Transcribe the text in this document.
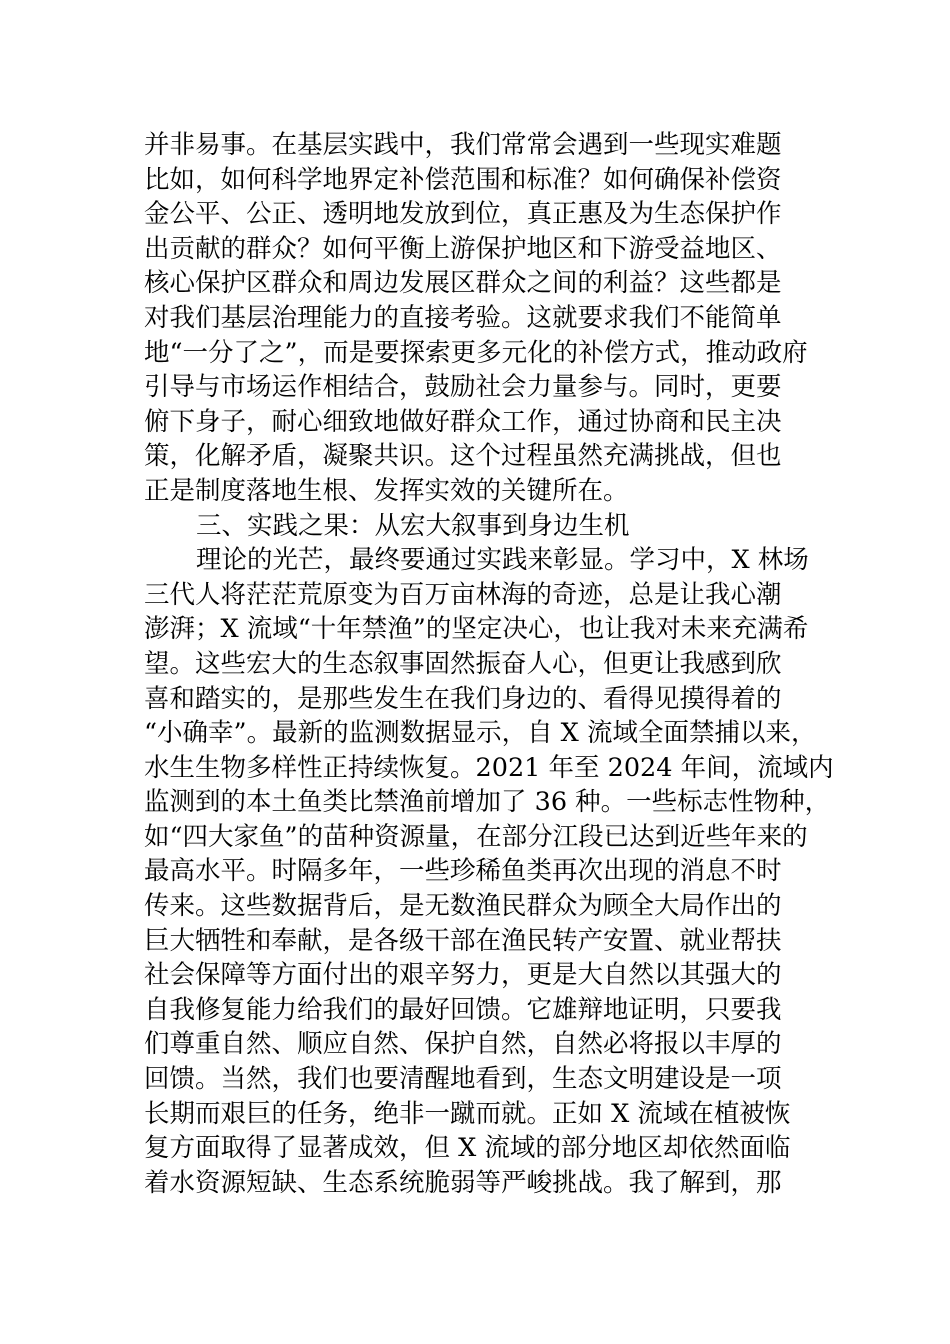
并非易事。在基层实践中，我们常常会遇到一些现实难题
比如，如何科学地界定补偿范围和标准？如何确保补偿资
金公平、公正、透明地发放到位，真正惠及为生态保护作
出贡献的群众？如何平衡上游保护地区和下游受益地区、
核心保护区群众和周边发展区群众之间的利益？这些都是
对我们基层治理能力的直接考验。这就要求我们不能简单
地“一分了之”，而是要探索更多元化的补偿方式，推动政府
引导与市场运作相结合，鼓励社会力量参与。同时，更要
俯下身子，耐心细致地做好群众工作，通过协商和民主决
策，化解矛盾，凝聚共识。这个过程虽然充满挑战，但也
正是制度落地生根、发挥实效的关键所在。
三、实践之果：从宏大叙事到身边生机
理论的光芒，最终要通过实践来彰显。学习中，X 林场
三代人将茫茫荒原变为百万亩林海的奇迹，总是让我心潮
澎湃；X 流域“十年禁渔”的坚定决心，也让我对未来充满希
望。这些宏大的生态叙事固然振奋人心，但更让我感到欣
喜和踏实的，是那些发生在我们身边的、看得见摸得着的
“小确幸”。最新的监测数据显示，自 X 流域全面禁捕以来，
水生生物多样性正持续恢复。2021 年至 2024 年间，流域内
监测到的本土鱼类比禁渔前增加了 36 种。一些标志性物种，
如“四大家鱼”的苗种资源量，在部分江段已达到近些年来的
最高水平。时隔多年，一些珍稀鱼类再次出现的消息不时
传来。这些数据背后，是无数渔民群众为顾全大局作出的
巨大牺牲和奉献，是各级干部在渔民转产安置、就业帮扶
社会保障等方面付出的艰辛努力，更是大自然以其强大的
自我修复能力给我们的最好回馈。它雄辩地证明，只要我
们尊重自然、顺应自然、保护自然，自然必将报以丰厚的
回馈。当然，我们也要清醒地看到，生态文明建设是一项
长期而艰巨的任务，绝非一蹴而就。正如 X 流域在植被恢
复方面取得了显著成效，但 X 流域的部分地区却依然面临
着水资源短缺、生态系统脆弱等严峻挑战。我了解到，那
